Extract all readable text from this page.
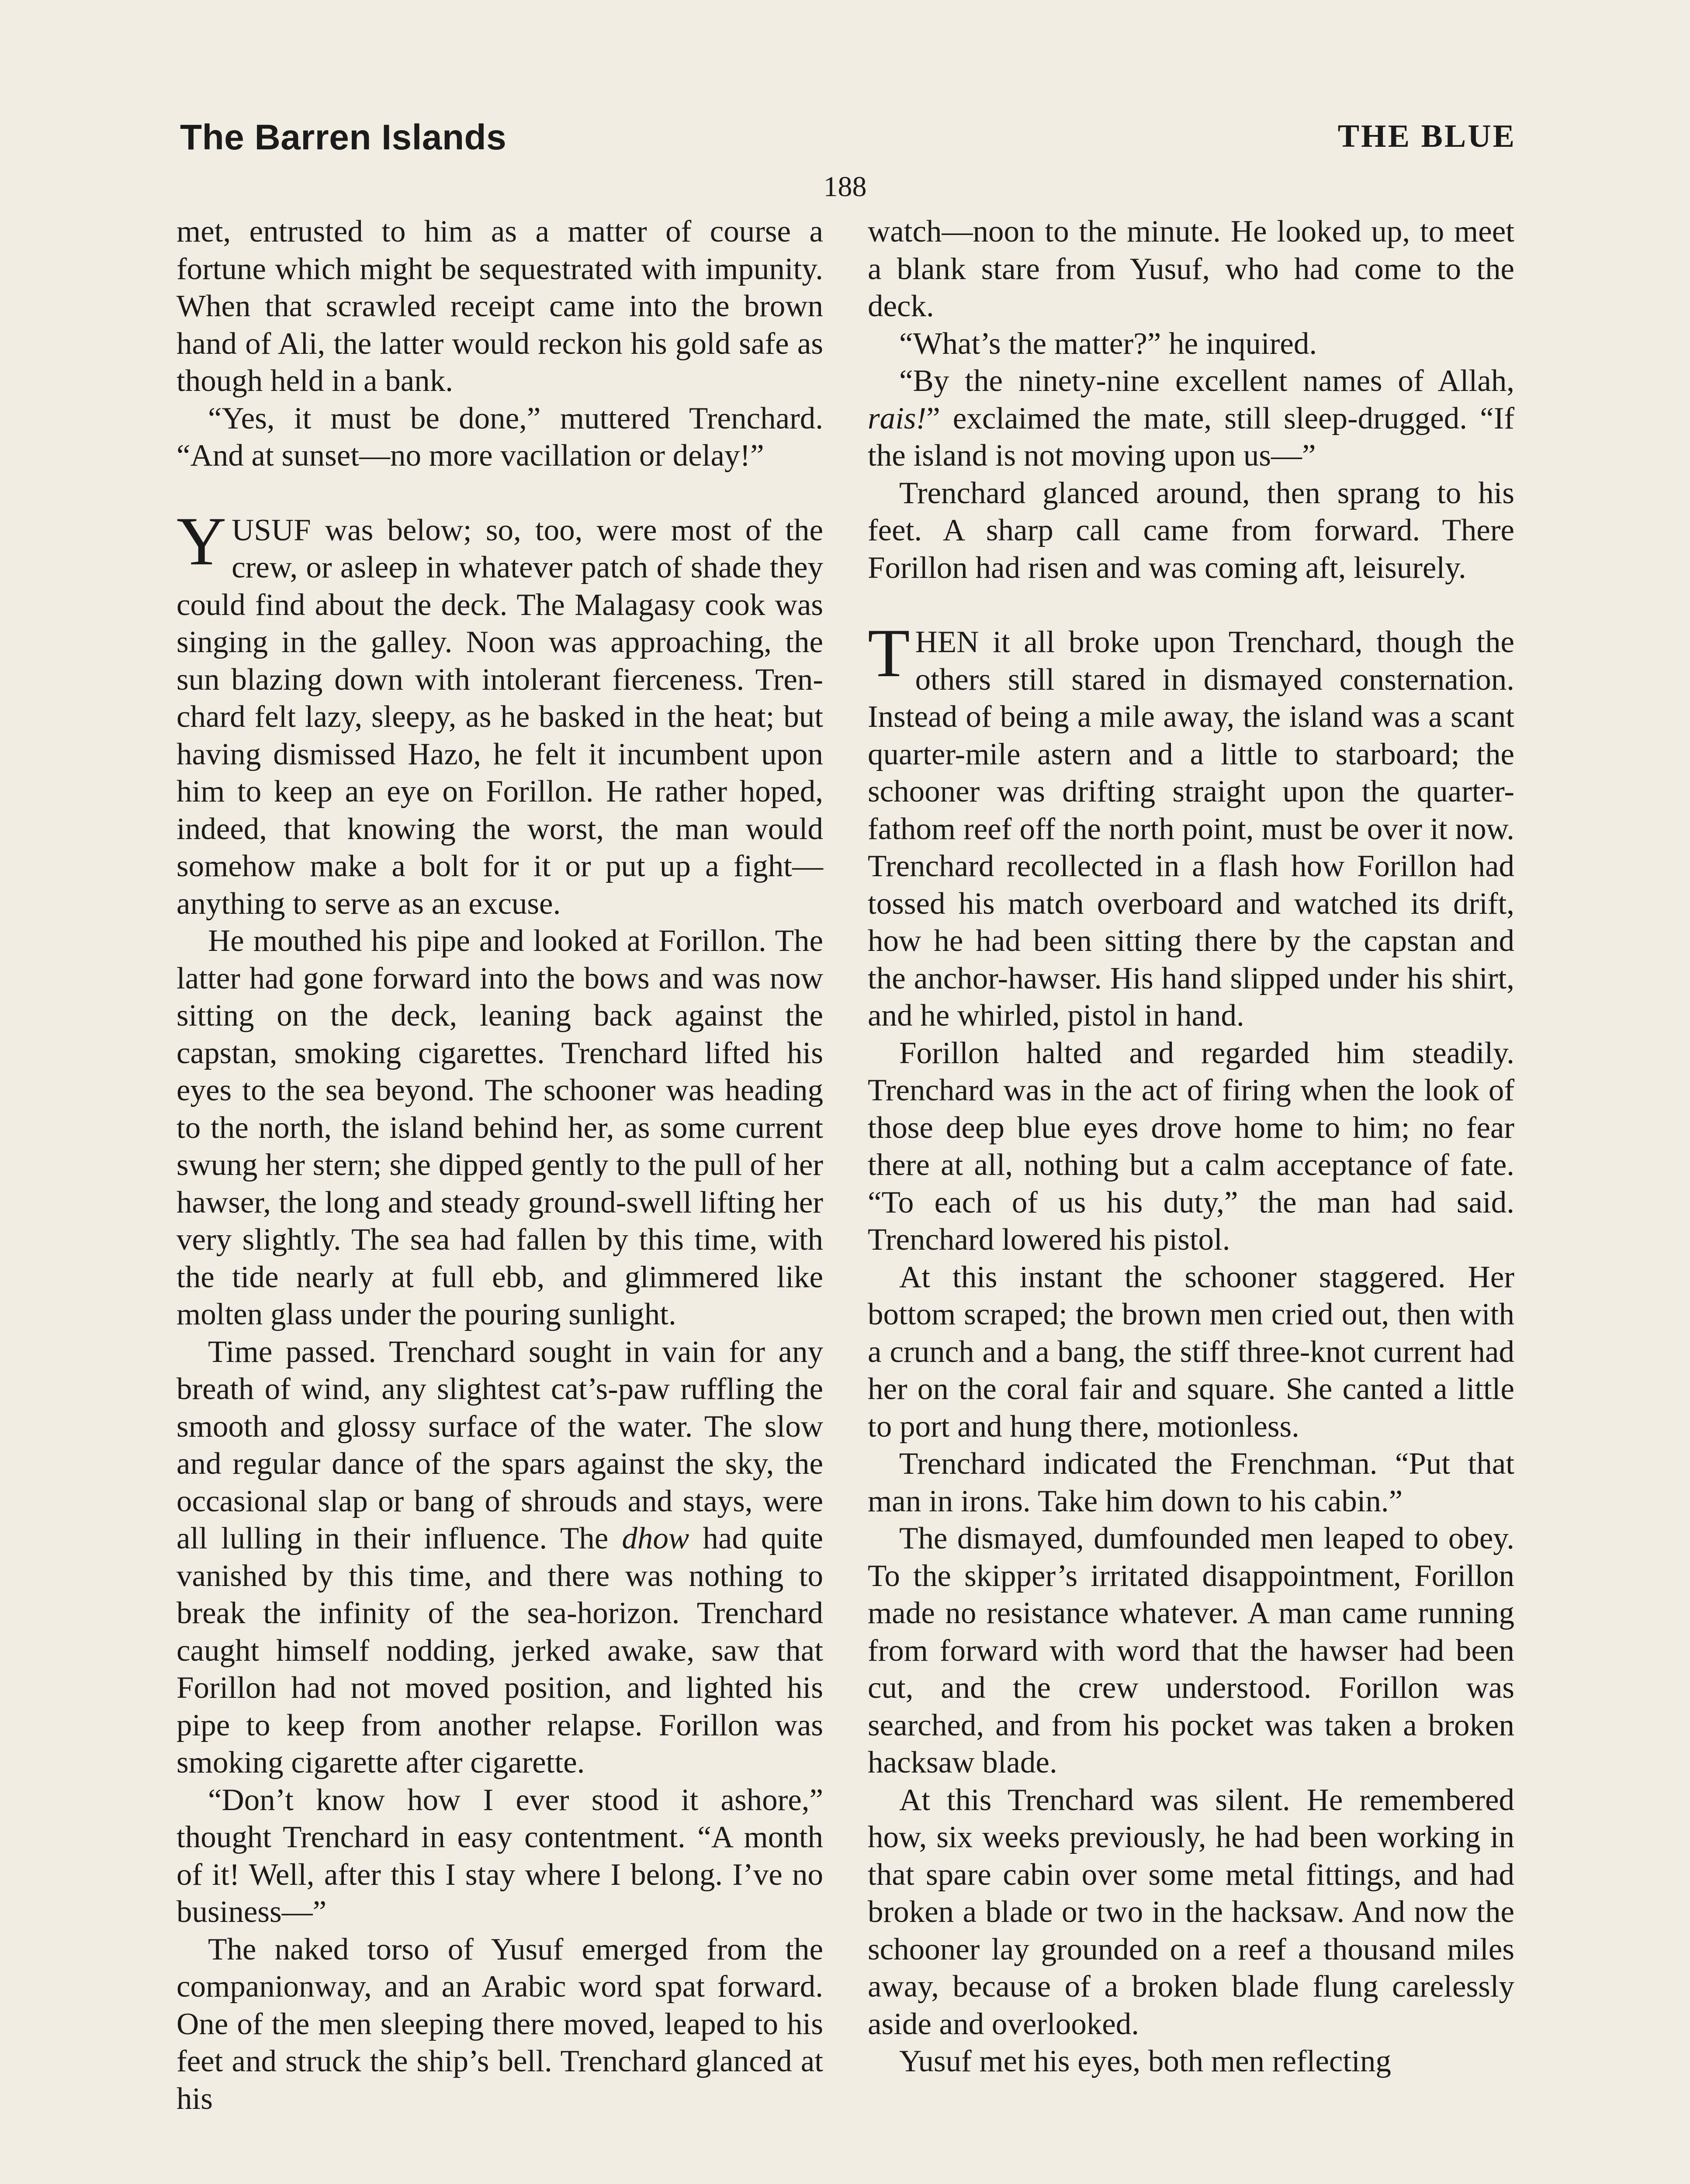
The Barren Islands	THE BLUE
188

met, entrusted to him as a matter of course a fortune which might be sequestrated with impunity. When that scrawled receipt came into the brown hand of Ali, the latter would reckon his gold safe as though held in a bank.

“Yes, it must be done,” muttered Trenchard. “And at sunset—no more vacillation or delay!”

YUSUF was below; so, too, were most of the crew, or asleep in whatever patch of shade they could find about the deck. The Malagasy cook was singing in the galley. Noon was approaching, the sun blazing down with intolerant fierceness. Trenchard felt lazy, sleepy, as he basked in the heat; but having dismissed Hazo, he felt it incumbent upon him to keep an eye on Forillon. He rather hoped, indeed, that knowing the worst, the man would somehow make a bolt for it or put up a fight—anything to serve as an excuse.

He mouthed his pipe and looked at Forillon. The latter had gone forward into the bows and was now sitting on the deck, leaning back against the capstan, smoking cigarettes. Trenchard lifted his eyes to the sea beyond. The schooner was heading to the north, the island behind her, as some current swung her stern; she dipped gently to the pull of her hawser, the long and steady ground-swell lifting her very slightly. The sea had fallen by this time, with the tide nearly at full ebb, and glimmered like molten glass under the pouring sunlight.

Time passed. Trenchard sought in vain for any breath of wind, any slightest cat’s-paw ruffling the smooth and glossy surface of the water. The slow and regular dance of the spars against the sky, the occasional slap or bang of shrouds and stays, were all lulling in their influence. The dhow had quite vanished by this time, and there was nothing to break the infinity of the sea-horizon. Trenchard caught himself nodding, jerked awake, saw that Forillon had not moved position, and lighted his pipe to keep from another relapse. Forillon was smoking cigarette after cigarette.

“Don’t know how I ever stood it ashore,” thought Trenchard in easy contentment. “A month of it! Well, after this I stay where I belong. I’ve no business—”

The naked torso of Yusuf emerged from the companionway, and an Arabic word spat forward. One of the men sleeping there moved, leaped to his feet and struck the ship’s bell. Trenchard glanced at his

watch—noon to the minute. He looked up, to meet a blank stare from Yusuf, who had come to the deck.

“What’s the matter?” he inquired.

“By the ninety-nine excellent names of Allah, rais!” exclaimed the mate, still sleep-drugged. “If the island is not moving upon us—”

Trenchard glanced around, then sprang to his feet. A sharp call came from forward. There Forillon had risen and was coming aft, leisurely.

THEN it all broke upon Trenchard, though the others still stared in dismayed consternation. Instead of being a mile away, the island was a scant quarter-mile astern and a little to starboard; the schooner was drifting straight upon the quarter-fathom reef off the north point, must be over it now. Trenchard recollected in a flash how Forillon had tossed his match overboard and watched its drift, how he had been sitting there by the capstan and the anchor-hawser. His hand slipped under his shirt, and he whirled, pistol in hand.

Forillon halted and regarded him steadily. Trenchard was in the act of firing when the look of those deep blue eyes drove home to him; no fear there at all, nothing but a calm acceptance of fate. “To each of us his duty,” the man had said. Trenchard lowered his pistol.

At this instant the schooner staggered. Her bottom scraped; the brown men cried out, then with a crunch and a bang, the stiff three-knot current had her on the coral fair and square. She canted a little to port and hung there, motionless.

Trenchard indicated the Frenchman. “Put that man in irons. Take him down to his cabin.”

The dismayed, dumfounded men leaped to obey. To the skipper’s irritated disappointment, Forillon made no resistance whatever. A man came running from forward with word that the hawser had been cut, and the crew understood. Forillon was searched, and from his pocket was taken a broken hacksaw blade.

At this Trenchard was silent. He remembered how, six weeks previously, he had been working in that spare cabin over some metal fittings, and had broken a blade or two in the hacksaw. And now the schooner lay grounded on a reef a thousand miles away, because of a broken blade flung carelessly aside and overlooked.

Yusuf met his eyes, both men reflecting
